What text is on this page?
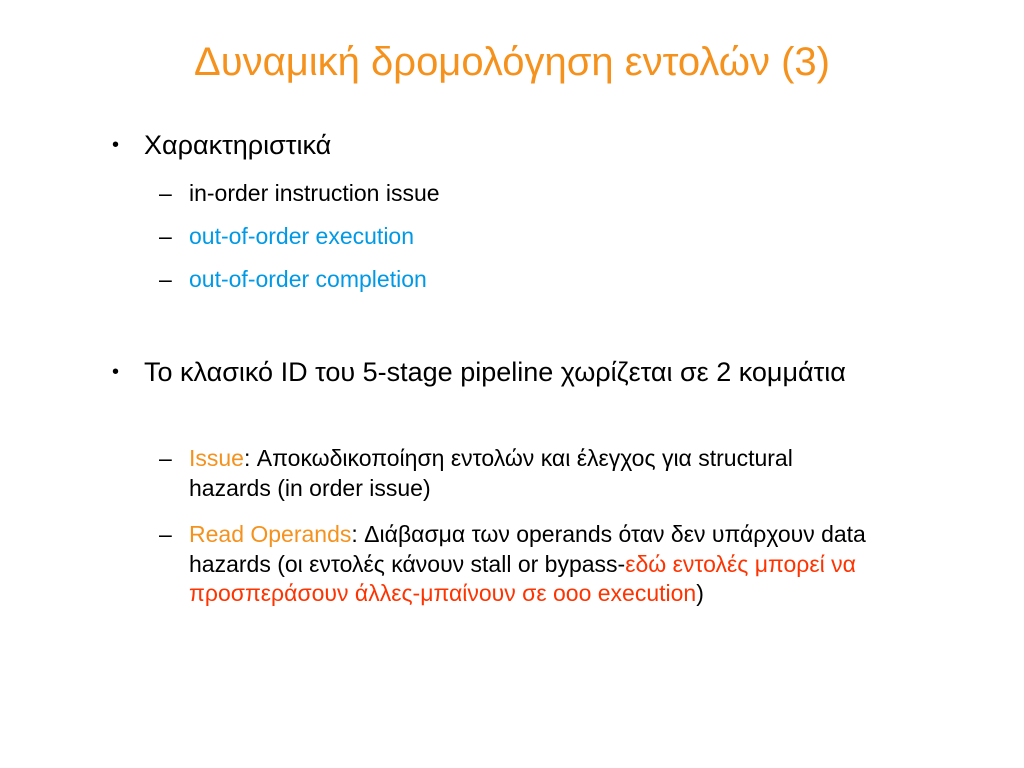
Δυναμική δρομολόγηση εντολών (3)
• Χαρακτηριστικά
– in-order instruction issue
– out-of-order execution
– out-of-order completion
• To κλασικό ID του 5-stage pipeline χωρίζεται σε 2 κομμάτια
– Issue: Αποκωδικοποίηση εντολών και έλεγχος για structural hazards (in order issue)
– Read Operands: Διάβασμα των operands όταν δεν υπάρχουν data hazards (οι εντολές κάνουν stall or bypass-εδώ εντολές μπορεί να προσπεράσουν άλλες-μπαίνουν σε ooo execution)
